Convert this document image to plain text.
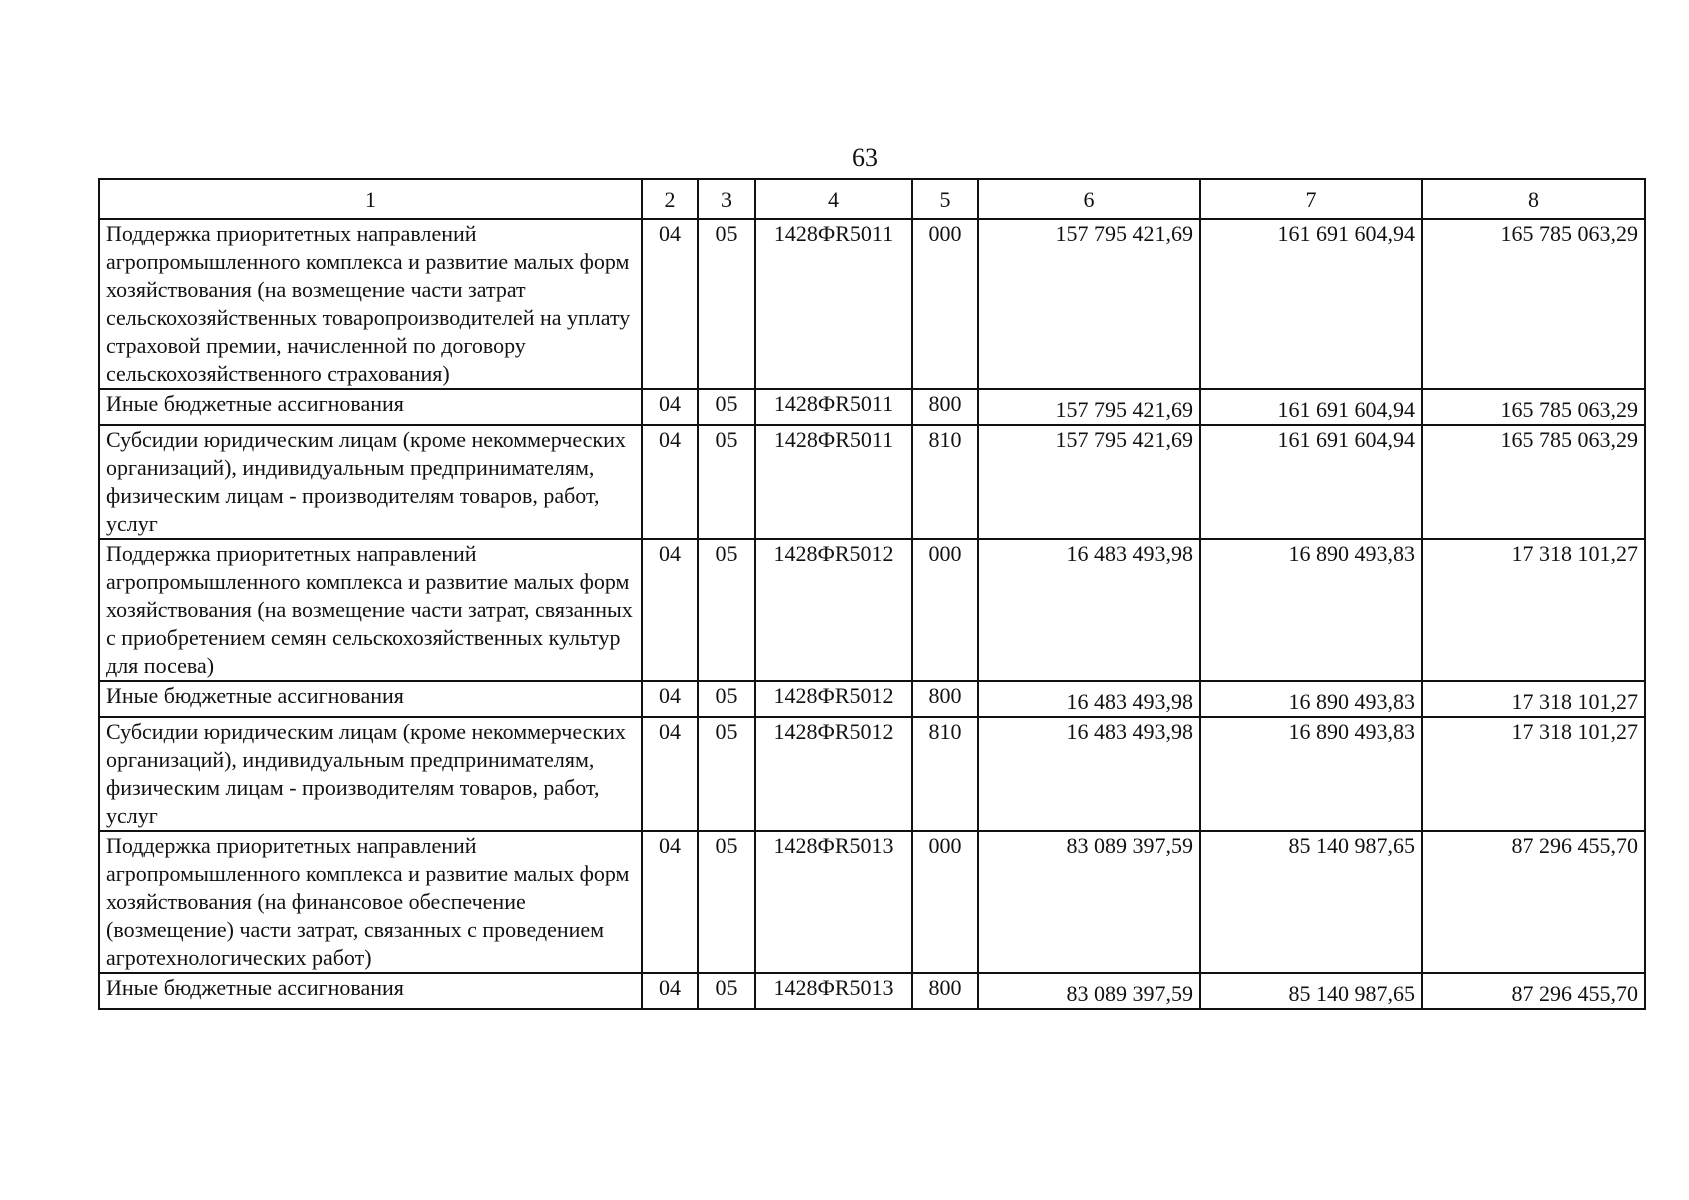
63
1	2	3	4	5	6	7	8
Поддержка приоритетных направлений агропромышленного комплекса и развитие малых форм хозяйствования (на возмещение части затрат сельскохозяйственных товаропроизводителей на уплату страховой премии, начисленной по договору сельскохозяйственного страхования)	04	05	1428ФR5011	000	157 795 421,69	161 691 604,94	165 785 063,29
Иные бюджетные ассигнования	04	05	1428ФR5011	800	157 795 421,69	161 691 604,94	165 785 063,29
Субсидии юридическим лицам (кроме некоммерческих организаций), индивидуальным предпринимателям, физическим лицам - производителям товаров, работ, услуг	04	05	1428ФR5011	810	157 795 421,69	161 691 604,94	165 785 063,29
Поддержка приоритетных направлений агропромышленного комплекса и развитие малых форм хозяйствования (на возмещение части затрат, связанных с приобретением семян сельскохозяйственных культур для посева)	04	05	1428ФR5012	000	16 483 493,98	16 890 493,83	17 318 101,27
Иные бюджетные ассигнования	04	05	1428ФR5012	800	16 483 493,98	16 890 493,83	17 318 101,27
Субсидии юридическим лицам (кроме некоммерческих организаций), индивидуальным предпринимателям, физическим лицам - производителям товаров, работ, услуг	04	05	1428ФR5012	810	16 483 493,98	16 890 493,83	17 318 101,27
Поддержка приоритетных направлений агропромышленного комплекса и развитие малых форм хозяйствования (на финансовое обеспечение (возмещение) части затрат, связанных с проведением агротехнологических работ)	04	05	1428ФR5013	000	83 089 397,59	85 140 987,65	87 296 455,70
Иные бюджетные ассигнования	04	05	1428ФR5013	800	83 089 397,59	85 140 987,65	87 296 455,70
